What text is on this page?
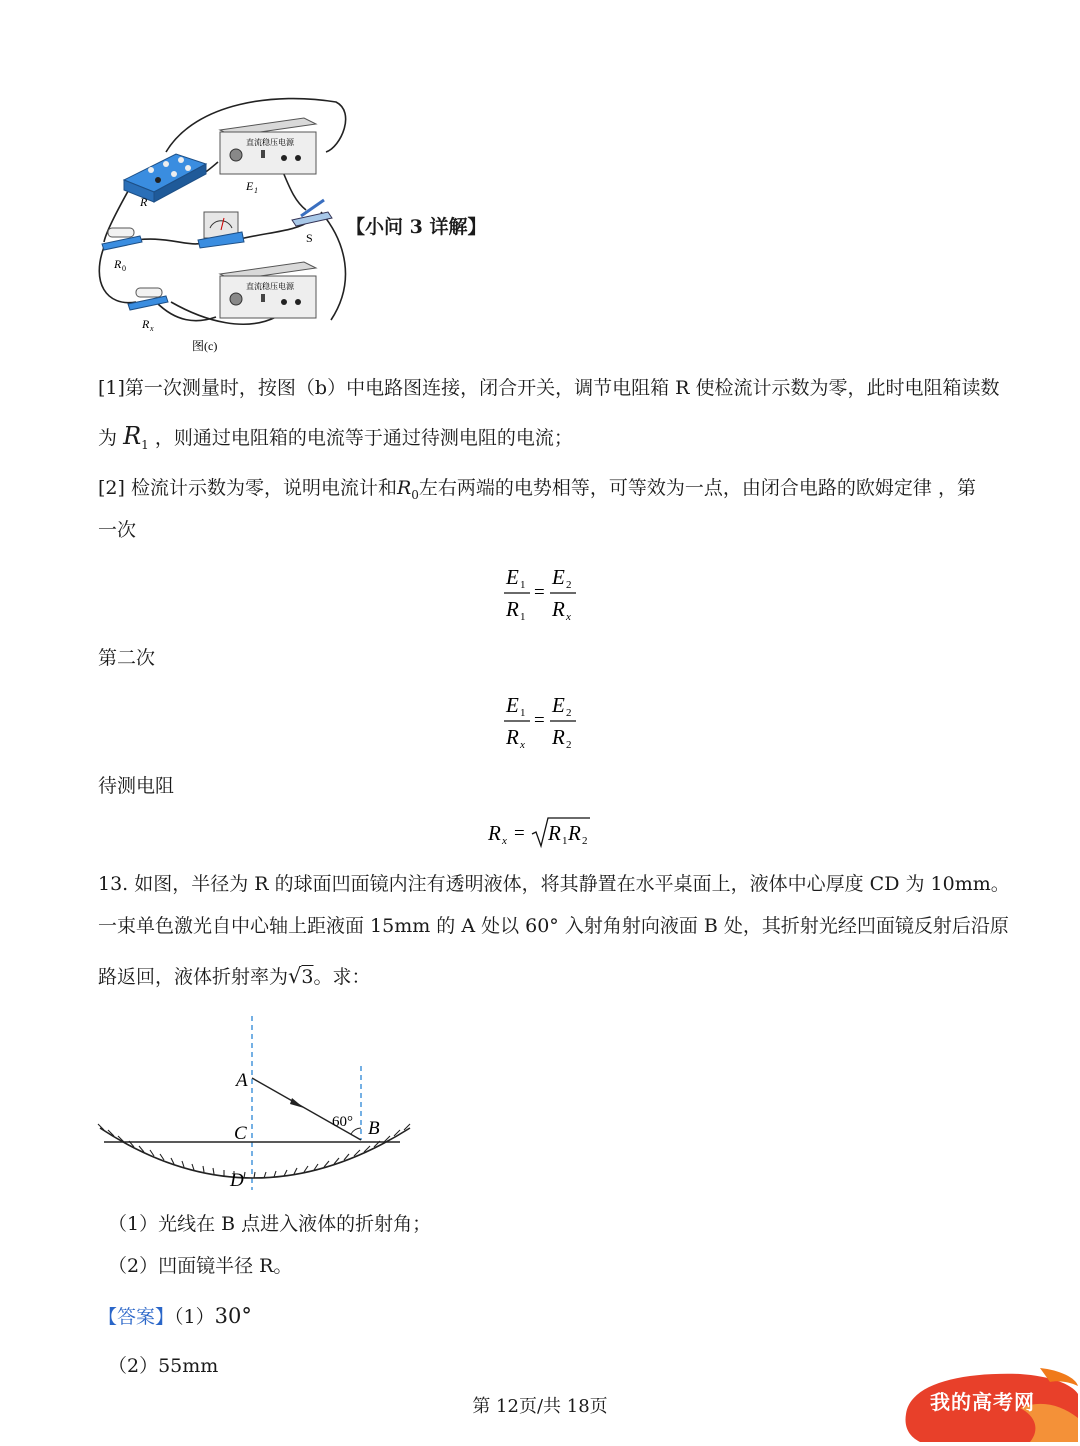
R
直流稳压电源
E 1
S
R 0
R x
直流稳压电源
图(c)
【小问 3 详解】
[1]第一次测量时，按图（b）中电路图连接，闭合开关，调节电阻箱 R 使检流计示数为零，此时电阻箱读数
为 $R_1$ ，则通过电阻箱的电流等于通过待测电阻的电流；
[2] 检流计示数为零，说明电流计和$R_0$左右两端的电势相等，可等效为一点，由闭合电路的欧姆定律 ，第
一次
E 1
R 1
=
E 2
R x
第二次
E 1
R x
=
E 2
R 2
待测电阻
R x = R 1 R 2
13. 如图，半径为 R 的球面凹面镜内注有透明液体，将其静置在水平桌面上，液体中心厚度 CD 为 10mm。
一束单色激光自中心轴上距液面 15mm 的 A 处以 60° 入射角射向液面 B 处，其折射光经凹面镜反射后沿原
路返回，液体折射率为√3。求：
A
C
D
B
60°
（1）光线在 B 点进入液体的折射角；
（2）凹面镜半径 R。
【答案】（1）30°
（2）55mm
第 12页/共 18页	我的高考网
